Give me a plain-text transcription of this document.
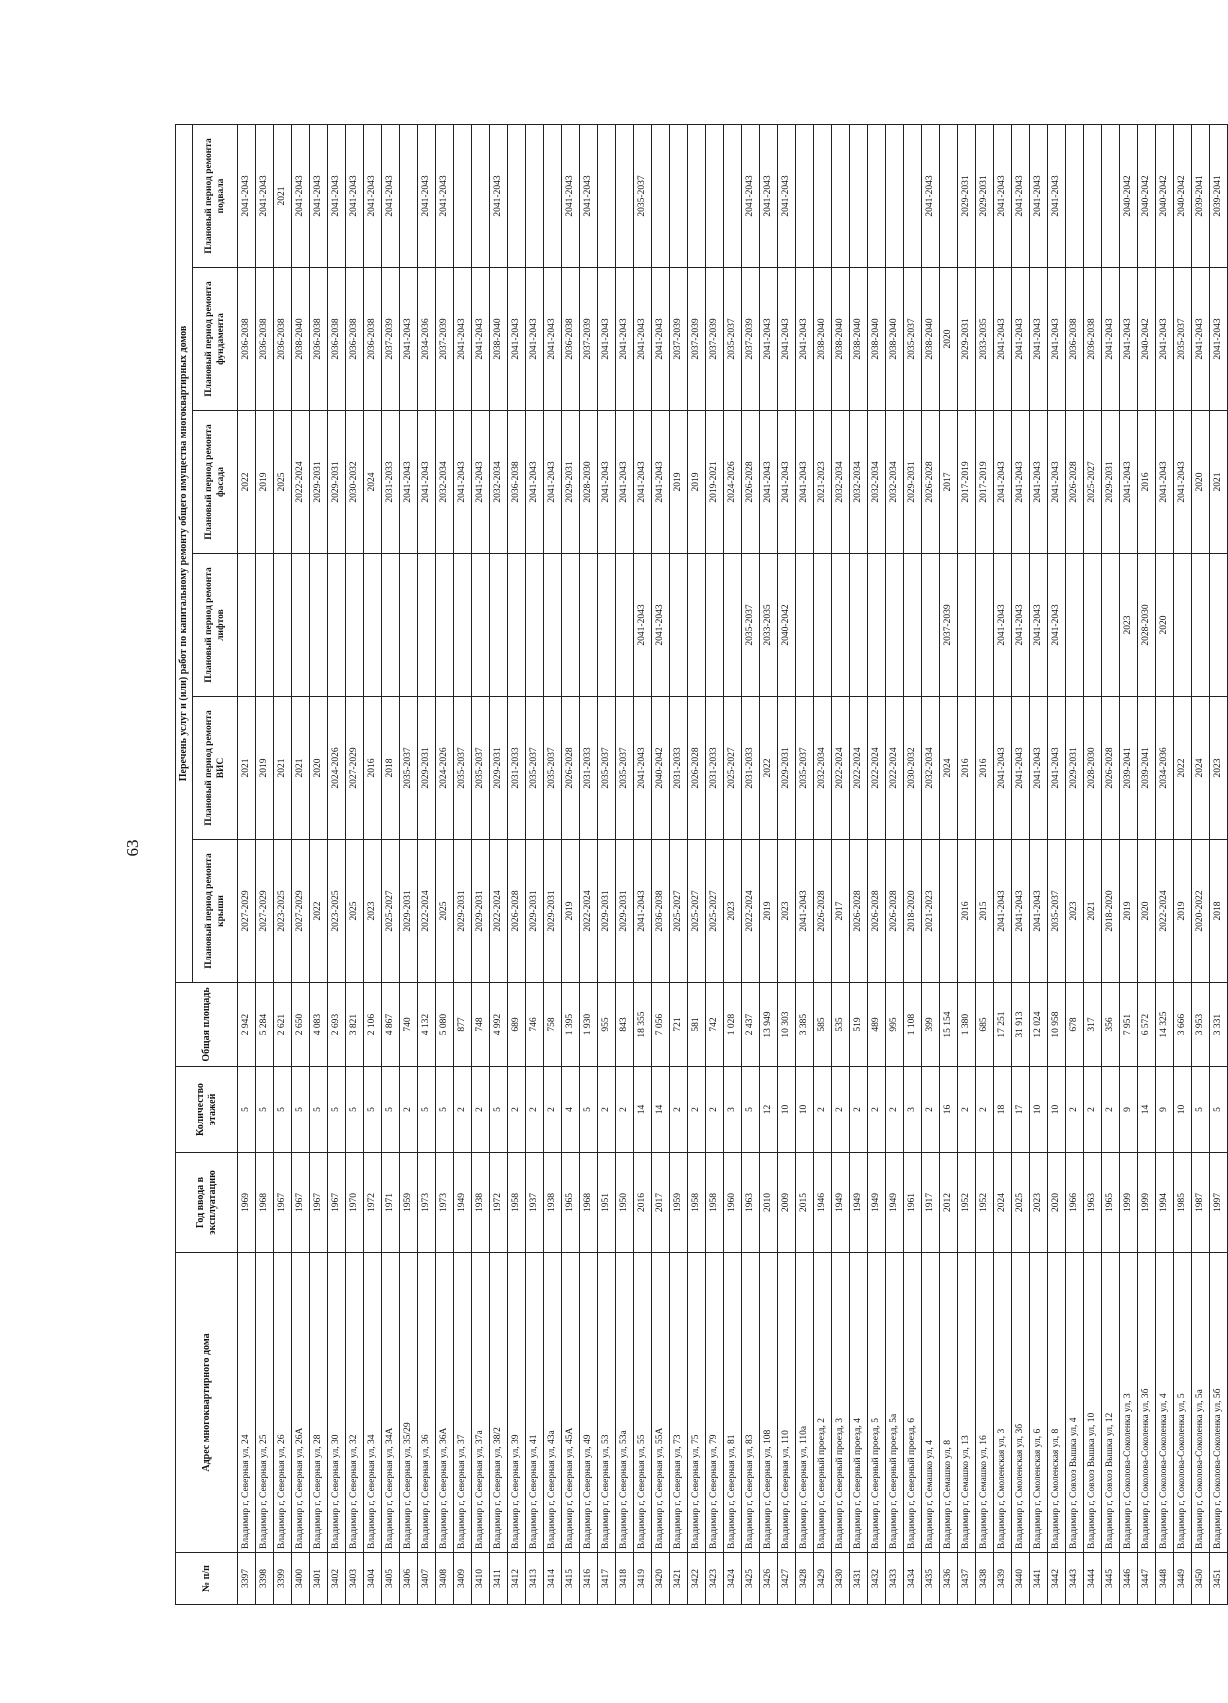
63
№ п/п	Адрес многоквартирного дома	Год ввода в эксплуатацию	Количество этажей	Общая площадь	Перечень услуг и (или) работ по капитальному ремонту общего имущества многоквартирных домов					
					Плановый период ремонта крыши	Плановый период ремонта ВИС	Плановый период ремонта лифтов	Плановый период ремонта фасада	Плановый период ремонта фундамента	Плановый период ремонта подвала
3397	Владимир г, Северная ул, 24	1969	5	2 942	2027-2029	2021		2022	2036-2038	2041-2043
3398	Владимир г, Северная ул, 25	1968	5	5 284	2027-2029	2019		2019	2036-2038	2041-2043
3399	Владимир г, Северная ул, 26	1967	5	2 621	2023-2025	2021		2025	2036-2038	2021
3400	Владимир г, Северная ул, 26А	1967	5	2 650	2027-2029	2021		2022-2024	2038-2040	2041-2043
3401	Владимир г, Северная ул, 28	1967	5	4 083	2022	2020		2029-2031	2036-2038	2041-2043
3402	Владимир г, Северная ул, 30	1967	5	2 693	2023-2025	2024-2026		2029-2031	2036-2038	2041-2043
3403	Владимир г, Северная ул, 32	1970	5	3 821	2025	2027-2029		2030-2032	2036-2038	2041-2043
3404	Владимир г, Северная ул, 34	1972	5	2 106	2023	2016		2024	2036-2038	2041-2043
3405	Владимир г, Северная ул, 34А	1971	5	4 867	2025-2027	2018		2031-2033	2037-2039	2041-2043
3406	Владимир г, Северная ул, 35/29	1959	2	740	2029-2031	2035-2037		2041-2043	2041-2043	
3407	Владимир г, Северная ул, 36	1973	5	4 132	2022-2024	2029-2031		2041-2043	2034-2036	2041-2043
3408	Владимир г, Северная ул, 36А	1973	5	5 080	2025	2024-2026		2032-2034	2037-2039	2041-2043
3409	Владимир г, Северная ул, 37	1949	2	877	2029-2031	2035-2037		2041-2043	2041-2043	
3410	Владимир г, Северная ул, 37а	1938	2	748	2029-2031	2035-2037		2041-2043	2041-2043	
3411	Владимир г, Северная ул, 38/2	1972	5	4 992	2022-2024	2029-2031		2032-2034	2038-2040	2041-2043
3412	Владимир г, Северная ул, 39	1958	2	689	2026-2028	2031-2033		2036-2038	2041-2043	
3413	Владимир г, Северная ул, 41	1937	2	746	2029-2031	2035-2037		2041-2043	2041-2043	
3414	Владимир г, Северная ул, 43а	1938	2	758	2029-2031	2035-2037		2041-2043	2041-2043	
3415	Владимир г, Северная ул, 45А	1965	4	1 395	2019	2026-2028		2029-2031	2036-2038	2041-2043
3416	Владимир г, Северная ул, 49	1968	5	1 930	2022-2024	2031-2033		2028-2030	2037-2039	2041-2043
3417	Владимир г, Северная ул, 53	1951	2	955	2029-2031	2035-2037		2041-2043	2041-2043	
3418	Владимир г, Северная ул, 53а	1950	2	843	2029-2031	2035-2037		2041-2043	2041-2043	
3419	Владимир г, Северная ул, 55	2016	14	18 355	2041-2043	2041-2043	2041-2043	2041-2043	2041-2043	2035-2037
3420	Владимир г, Северная ул, 55А	2017	14	7 056	2036-2038	2040-2042	2041-2043	2041-2043	2041-2043	
3421	Владимир г, Северная ул, 73	1959	2	721	2025-2027	2031-2033		2019	2037-2039	
3422	Владимир г, Северная ул, 75	1958	2	581	2025-2027	2026-2028		2019	2037-2039	
3423	Владимир г, Северная ул, 79	1958	2	742	2025-2027	2031-2033		2019-2021	2037-2039	
3424	Владимир г, Северная ул, 81	1960	3	1 028	2023	2025-2027		2024-2026	2035-2037	
3425	Владимир г, Северная ул, 83	1963	5	2 437	2022-2024	2031-2033	2035-2037	2026-2028	2037-2039	2041-2043
3426	Владимир г, Северная ул, 108	2010	12	13 949	2019	2022	2033-2035	2041-2043	2041-2043	2041-2043
3427	Владимир г, Северная ул, 110	2009	10	10 303	2023	2029-2031	2040-2042	2041-2043	2041-2043	2041-2043
3428	Владимир г, Северная ул, 110а	2015	10	3 385	2041-2043	2035-2037		2041-2043	2041-2043	
3429	Владимир г, Северный проезд, 2	1946	2	585	2026-2028	2032-2034		2021-2023	2038-2040	
3430	Владимир г, Северный проезд, 3	1949	2	535	2017	2022-2024		2032-2034	2038-2040	
3431	Владимир г, Северный проезд, 4	1949	2	519	2026-2028	2022-2024		2032-2034	2038-2040	
3432	Владимир г, Северный проезд, 5	1949	2	489	2026-2028	2022-2024		2032-2034	2038-2040	
3433	Владимир г, Северный проезд, 5а	1949	2	995	2026-2028	2022-2024		2032-2034	2038-2040	
3434	Владимир г, Северный проезд, 6	1961	3	1 108	2018-2020	2030-2032		2029-2031	2035-2037	
3435	Владимир г, Семашко ул, 4	1917	2	399	2021-2023	2032-2034		2026-2028	2038-2040	2041-2043
3436	Владимир г, Семашко ул, 8	2012	16	15 154		2024	2037-2039	2017	2020	
3437	Владимир г, Семашко ул, 13	1952	2	1 380	2016	2016		2017-2019	2029-2031	2029-2031
3438	Владимир г, Семашко ул, 16	1952	2	685	2015	2016		2017-2019	2033-2035	2029-2031
3439	Владимир г, Смоленская ул, 3	2024	18	17 251	2041-2043	2041-2043	2041-2043	2041-2043	2041-2043	2041-2043
3440	Владимир г, Смоленская ул, 3б	2025	17	31 913	2041-2043	2041-2043	2041-2043	2041-2043	2041-2043	2041-2043
3441	Владимир г, Смоленская ул, 6	2023	10	12 024	2041-2043	2041-2043	2041-2043	2041-2043	2041-2043	2041-2043
3442	Владимир г, Смоленская ул, 8	2020	10	10 958	2035-2037	2041-2043	2041-2043	2041-2043	2041-2043	2041-2043
3443	Владимир г, Совхоз Вышка ул, 4	1966	2	678	2023	2029-2031		2026-2028	2036-2038	
3444	Владимир г, Совхоз Вышка ул, 10	1963	2	317	2021	2028-2030		2025-2027	2036-2038	
3445	Владимир г, Совхоз Вышка ул, 12	1965	2	356	2018-2020	2026-2028		2029-2031	2041-2043	
3446	Владимир г, Соколова-Соколенка ул, 3	1999	9	7 951	2019	2039-2041	2023	2041-2043	2041-2043	2040-2042
3447	Владимир г, Соколова-Соколенка ул, 3б	1999	14	6 572	2020	2039-2041	2028-2030	2016	2040-2042	2040-2042
3448	Владимир г, Соколова-Соколенка ул, 4	1994	9	14 325	2022-2024	2034-2036	2020	2041-2043	2041-2043	2040-2042
3449	Владимир г, Соколова-Соколенка ул, 5	1985	10	3 666	2019	2022		2041-2043	2035-2037	2040-2042
3450	Владимир г, Соколова-Соколенка ул, 5а	1987	5	3 953	2020-2022	2024		2020	2041-2043	2039-2041
3451	Владимир г, Соколова-Соколенка ул, 5б	1997	5	3 331	2018	2023		2021	2041-2043	2039-2041
